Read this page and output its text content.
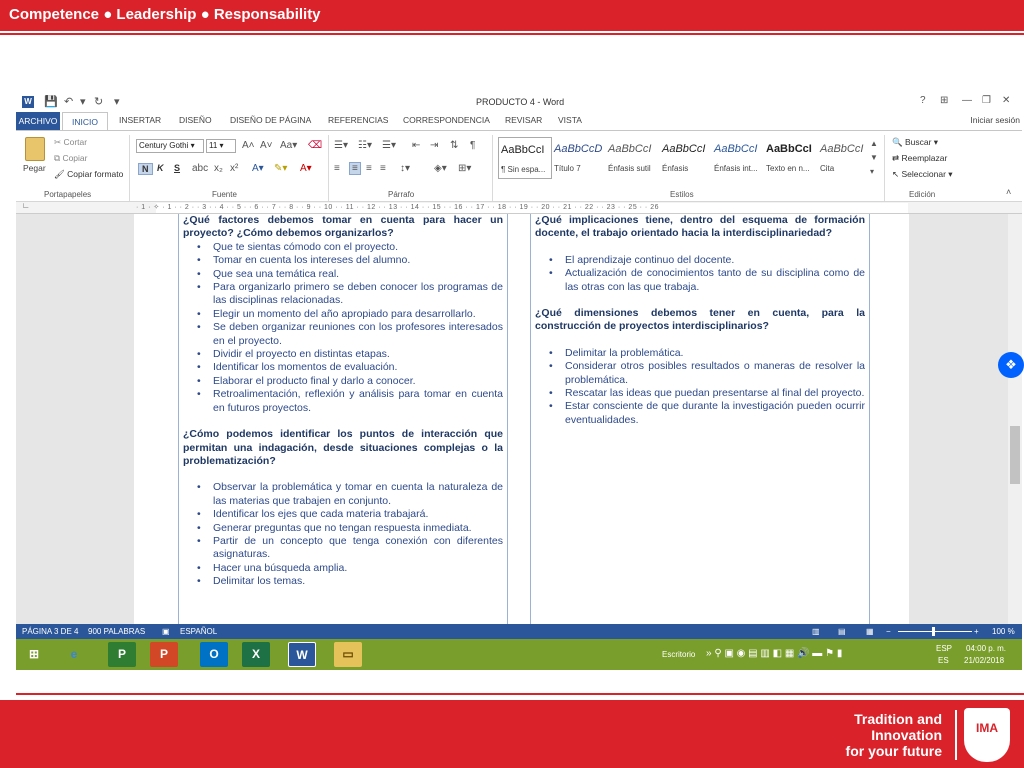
Competence ● Leadership ● Responsability
W 💾 ↶ ▾ ↻ ▾	PRODUCTO 4 - Word	? ⊞ — ❐ ✕
ARCHIVO	INICIO	INSERTAR DISEÑO DISEÑO DE PÁGINA REFERENCIAS CORRESPONDENCIA REVISAR VISTA	Iniciar sesión
Pegar
✂ Cortar
⧉ Copiar
🖌 Copiar formato
Portapapeles
Century Gothi ▾	11 ▾	A˄ A˅ Aa▾ ⌫
N K S abc x₂ x² A▾ ✎▾ A▾
Fuente
☰▾ ☷▾ ☰▾ ⇤ ⇥ ⇅ ¶
≡	≡ ≡ ≡ ↕▾ ◈▾ ⊞▾
Párrafo
AaBbCcI
¶ Sin espa...
AaBbCcD
Título 7
AaBbCcI
Énfasis sutil
AaBbCcI
Énfasis
AaBbCcI
Énfasis int...
AaBbCcI
Texto en n...
AaBbCcI
Cita
▲
▼
▾
Estilos
🔍 Buscar ▾
⇄ Reemplazar
↖ Seleccionar ▾
Edición	˄
∟	· 1 · ✧ · 1 · · 2 · · 3 · · 4 · · 5 · · 6 · · 7 · · 8 · · 9 · · 10 · · 11 · · 12 · · 13 · · 14 · · 15 · · 16 · · 17 · · 18 · · 19 · · 20 · · 21 · · 22 · · 23 · · 25 · · 26

¿Qué factores debemos tomar en cuenta para hacer un proyecto? ¿Cómo debemos organizarlos?

• Que te sientas cómodo con el proyecto.
• Tomar en cuenta los intereses del alumno.
• Que sea una temática real.
• Para organizarlo primero se deben conocer los programas de las disciplinas relacionadas.
• Elegir un momento del año apropiado para desarrollarlo.
• Se deben organizar reuniones con los profesores interesados en el proyecto.
• Dividir el proyecto en distintas etapas.
• Identificar los momentos de evaluación.
• Elaborar el producto final y darlo a conocer.
• Retroalimentación, reflexión y análisis para tomar en cuenta en futuros proyectos.

¿Cómo podemos identificar los puntos de interacción que permitan una indagación, desde situaciones complejas o la problematización?

• Observar la problemática y tomar en cuenta la naturaleza de las materias que trabajen en conjunto.
• Identificar los ejes que cada materia trabajará.
• Generar preguntas que no tengan respuesta inmediata.
• Partir de un concepto que tenga conexión con diferentes asignaturas.
• Hacer una búsqueda amplia.
• Delimitar los temas.

¿Qué implicaciones tiene, dentro del esquema de formación docente, el trabajo orientado hacia la interdisciplinariedad?

• El aprendizaje continuo del docente.
• Actualización de conocimientos tanto de su disciplina como de las otras con las que trabaja.

¿Qué dimensiones debemos tener en cuenta, para la construcción de proyectos interdisciplinarios?

• Delimitar la problemática.
• Considerar otros posibles resultados o maneras de resolver la problemática.
• Rescatar las ideas que puedan presentarse al final del proyecto.
• Estar consciente de que durante la investigación pueden ocurrir eventualidades.
PÁGINA 3 DE 4 900 PALABRAS ▣ ESPAÑOL	▥ ▤	▦ −	+ 100 %
⊞	e	P	P	O	X	W	▭	Escritorio » ⚲ ▣ ◉ ▤ ▥ ◧ ▦ 🔊 ▬ ⚑ ▮	ESP
ES
04:00 p. m.
21/02/2018
❖
Tradition and
Innovation
for your future
IMA
